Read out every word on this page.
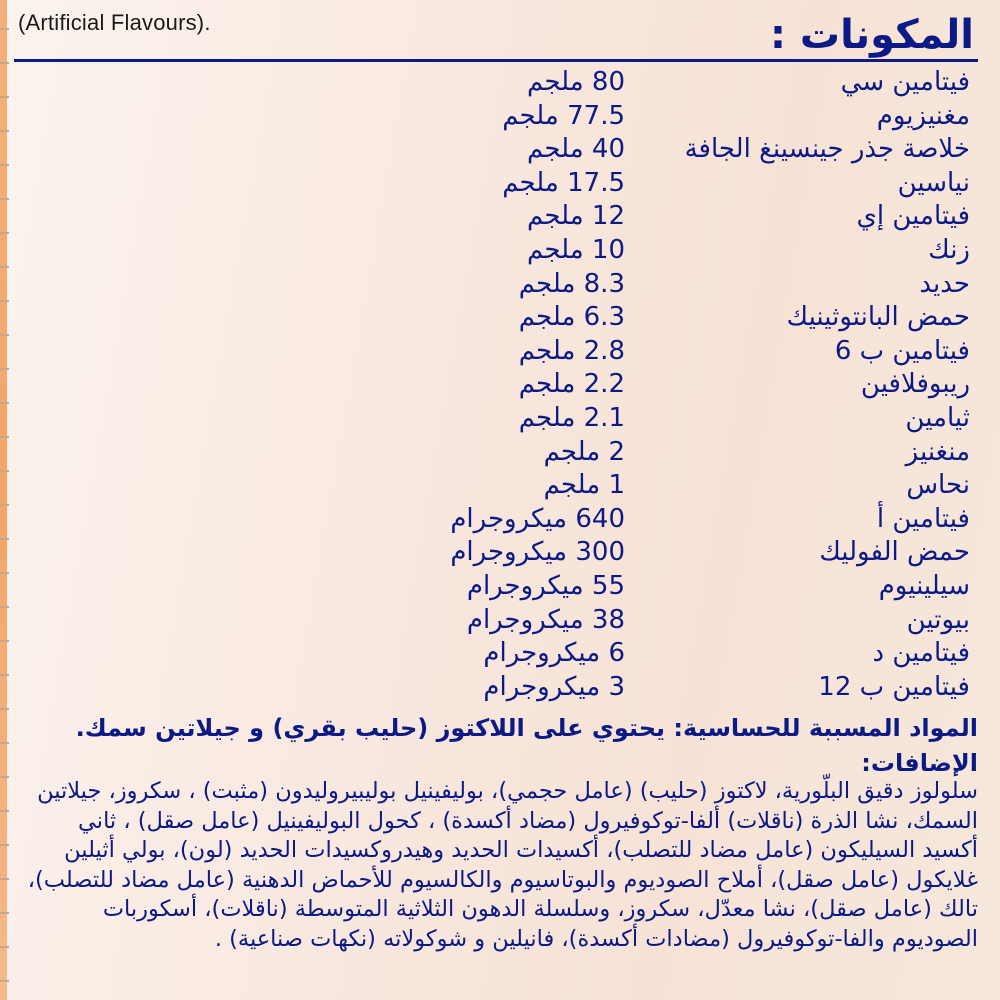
(Artificial Flavours).	المكونات :
فيتامين سي
80 ملجم
مغنيزيوم
77.5 ملجم
خلاصة جذر جينسينغ الجافة
40 ملجم
نياسين
17.5 ملجم
فيتامين إي
12 ملجم
زنك
10 ملجم
حديد
8.3 ملجم
حمض البانتوثينيك
6.3 ملجم
فيتامين ب 6
2.8 ملجم
ريبوفلافين
2.2 ملجم
ثيامين
2.1 ملجم
منغنيز
2 ملجم
نحاس
1 ملجم
فيتامين أ
640 ميكروجرام
حمض الفوليك
300 ميكروجرام
سيلينيوم
55 ميكروجرام
بيوتين
38 ميكروجرام
فيتامين د
6 ميكروجرام
فيتامين ب 12
3 ميكروجرام
المواد المسببة للحساسية: يحتوي على اللاكتوز (حليب بقري) و جيلاتين سمك.
الإضافات:
سلولوز دقيق البلّورية، لاكتوز (حليب) (عامل حجمي)، بوليفينيل بوليبيروليدون (مثبت) ، سكروز، جيلاتين السمك، نشا الذرة (ناقلات) ألفا-توكوفيرول (مضاد أكسدة) ، كحول البوليفينيل (عامل صقل) ، ثاني أكسيد السيليكون (عامل مضاد للتصلب)، أكسيدات الحديد وهيدروكسيدات الحديد (لون)، بولي أثيلين غلايكول (عامل صقل)، أملاح الصوديوم والبوتاسيوم والكالسيوم للأحماض الدهنية (عامل مضاد للتصلب)، تالك (عامل صقل)، نشا معدّل، سكروز، وسلسلة الدهون الثلاثية المتوسطة (ناقلات)، أسكوربات الصوديوم والفا-توكوفيرول (مضادات أكسدة)، فانيلين و شوكولاته (نكهات صناعية) .
